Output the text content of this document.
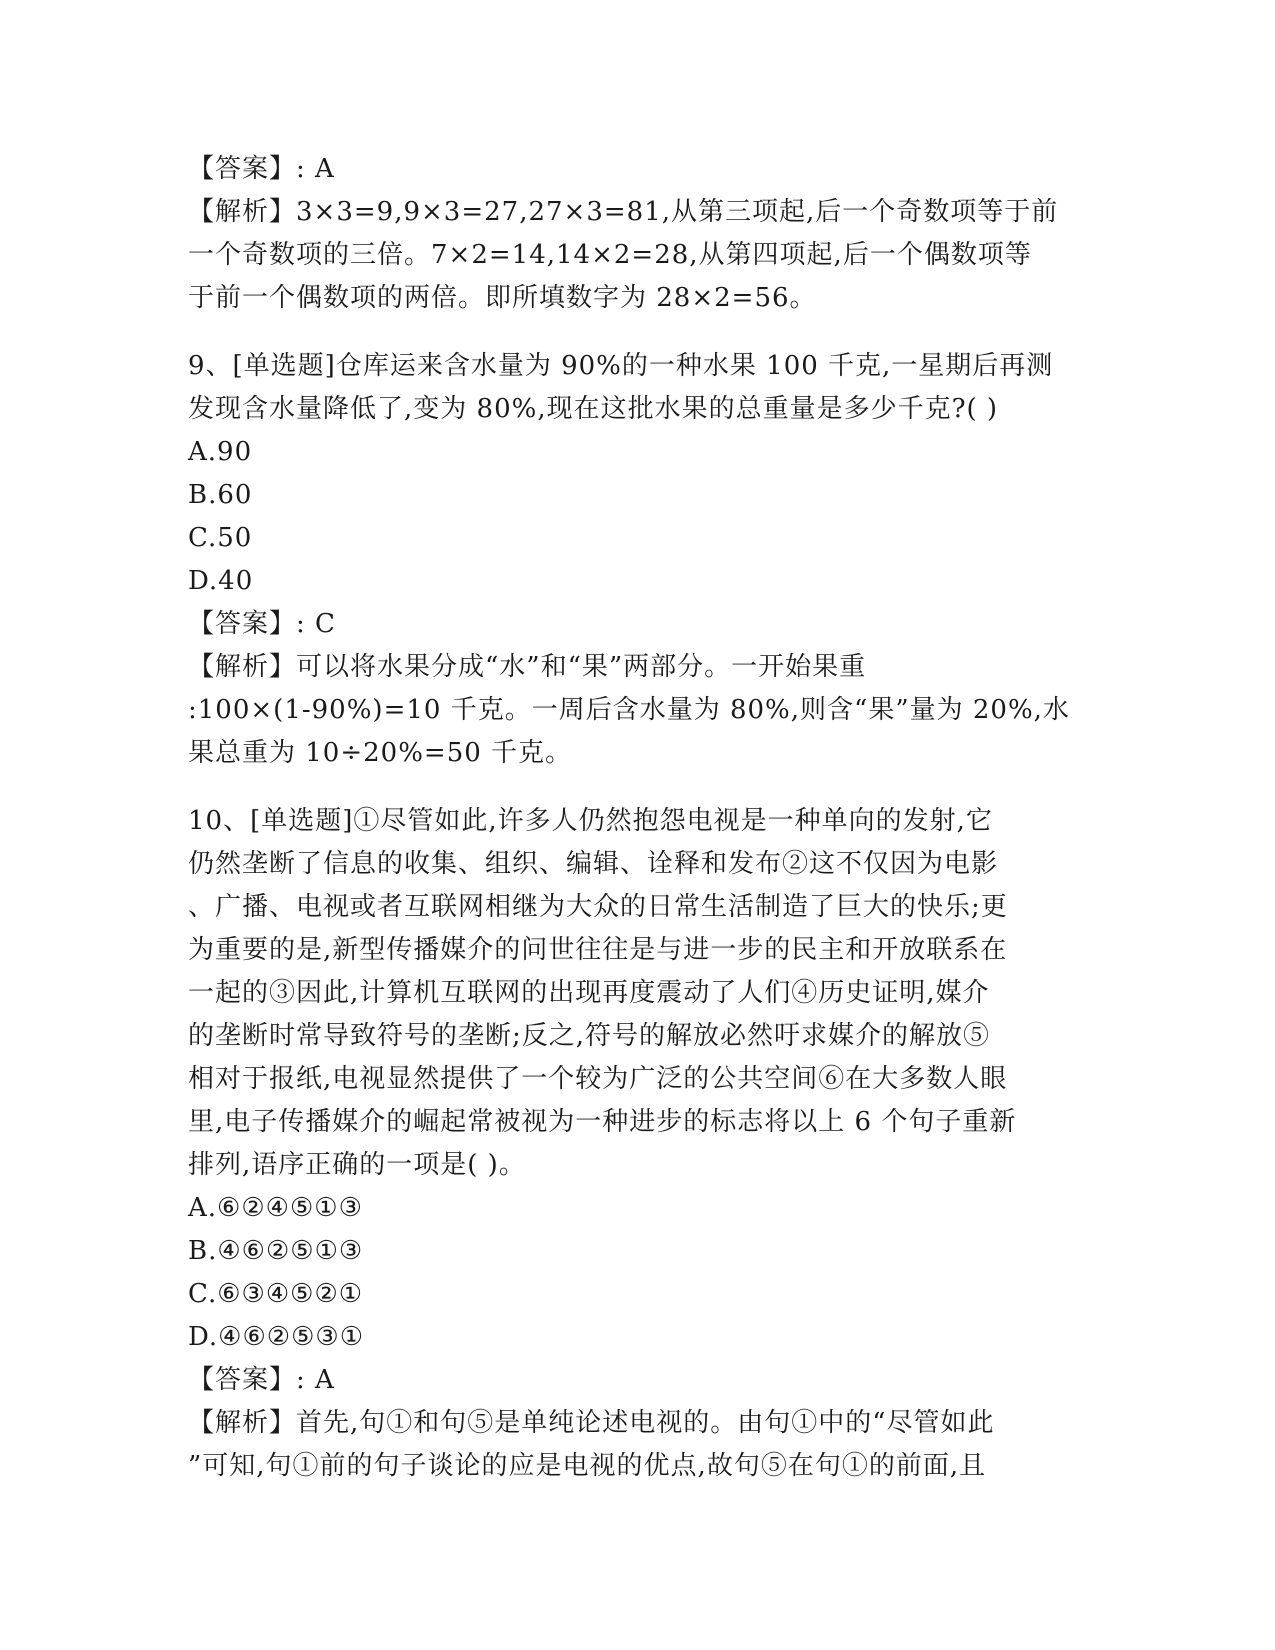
【答案】: A
【解析】3×3=9,9×3=27,27×3=81,从第三项起,后一个奇数项等于前
一个奇数项的三倍。7×2=14,14×2=28,从第四项起,后一个偶数项等
于前一个偶数项的两倍。即所填数字为 28×2=56。
9、[单选题]仓库运来含水量为 90%的一种水果 100 千克,一星期后再测
发现含水量降低了,变为 80%,现在这批水果的总重量是多少千克?( )
A.90
B.60
C.50
D.40
【答案】: C
【解析】可以将水果分成“水”和“果”两部分。一开始果重
:100×(1-90%)=10 千克。一周后含水量为 80%,则含“果”量为 20%,水
果总重为 10÷20%=50 千克。
10、[单选题]①尽管如此,许多人仍然抱怨电视是一种单向的发射,它
仍然垄断了信息的收集、组织、编辑、诠释和发布②这不仅因为电影
、广播、电视或者互联网相继为大众的日常生活制造了巨大的快乐;更
为重要的是,新型传播媒介的问世往往是与进一步的民主和开放联系在
一起的③因此,计算机互联网的出现再度震动了人们④历史证明,媒介
的垄断时常导致符号的垄断;反之,符号的解放必然吁求媒介的解放⑤
相对于报纸,电视显然提供了一个较为广泛的公共空间⑥在大多数人眼
里,电子传播媒介的崛起常被视为一种进步的标志将以上 6 个句子重新
排列,语序正确的一项是( )。
A.⑥②④⑤①③
B.④⑥②⑤①③
C.⑥③④⑤②①
D.④⑥②⑤③①
【答案】: A
【解析】首先,句①和句⑤是单纯论述电视的。由句①中的“尽管如此
”可知,句①前的句子谈论的应是电视的优点,故句⑤在句①的前面,且
